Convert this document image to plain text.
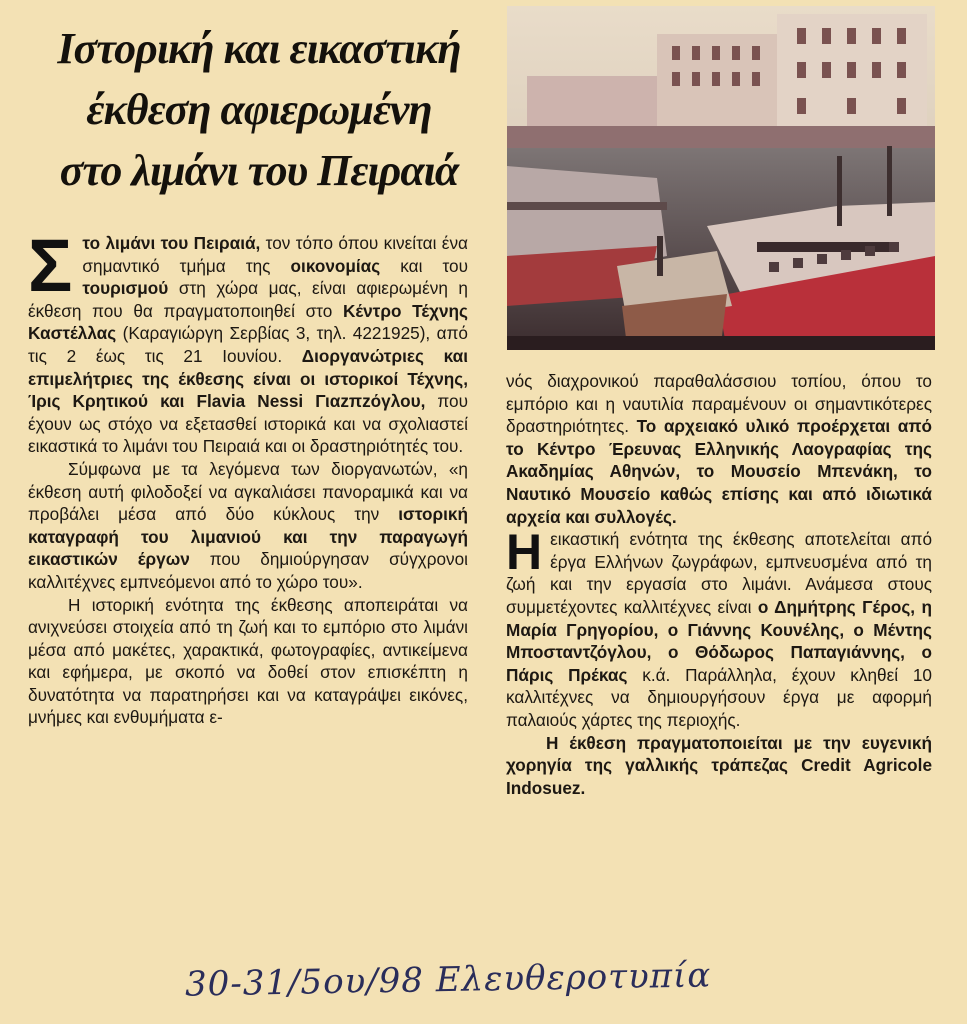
Ιστορική και εικαστική
έκθεση αφιερωμένη
στο λιμάνι του Πειραιά

Στο λιμάνι του Πειραιά, τον τόπο όπου κινείται ένα σημαντικό τμήμα της οικονομίας και του τουρισμού στη χώρα μας, είναι αφιερωμένη η έκθεση που θα πραγματοποιηθεί στο Κέντρο Τέχνης Καστέλλας (Καραγιώργη Σερβίας 3, τηλ. 4221925), από τις 2 έως τις 21 Ιουνίου. Διοργανώτριες και επιμελήτριες της έκθεσης είναι οι ιστορικοί Τέχνης, Ίρις Κρητικού και Flavia Nessi Γιαzπzόγλου, που έχουν ως στόχο να εξετασθεί ιστορικά και να σχολιαστεί εικαστικά το λιμάνι του Πειραιά και οι δραστηριότητές του.

Σύμφωνα με τα λεγόμενα των διοργανωτών, «η έκθεση αυτή φιλοδοξεί να αγκαλιάσει πανοραμικά και να προβάλει μέσα από δύο κύκλους την ιστορική καταγραφή του λιμανιού και την παραγωγή εικαστικών έργων που δημιούργησαν σύγχρονοι καλλιτέχνες εμπνεόμενοι από το χώρο του».

Η ιστορική ενότητα της έκθεσης αποπειράται να ανιχνεύσει στοιχεία από τη ζωή και το εμπόριο στο λιμάνι μέσα από μακέτες, χαρακτικά, φωτογραφίες, αντικείμενα και εφήμερα, με σκοπό να δοθεί στον επισκέπτη η δυνατότητα να παρατηρήσει και να καταγράψει εικόνες, μνήμες και ενθυμήματα ε-

νός διαχρονικού παραθαλάσσιου τοπίου, όπου το εμπόριο και η ναυτιλία παραμένουν οι σημαντικότερες δραστηριότητες. Το αρχειακό υλικό προέρχεται από το Κέντρο Έρευνας Ελληνικής Λαογραφίας της Ακαδημίας Αθηνών, το Μουσείο Μπενάκη, το Ναυτικό Μουσείο καθώς επίσης και από ιδιωτικά αρχεία και συλλογές.

Η εικαστική ενότητα της έκθεσης αποτελείται από έργα Ελλήνων ζωγράφων, εμπνευσμένα από τη ζωή και την εργασία στο λιμάνι. Ανάμεσα στους συμμετέχοντες καλλιτέχνες είναι ο Δημήτρης Γέρος, η Μαρία Γρηγορίου, ο Γιάννης Κουνέλης, ο Μέντης Μποσταντζόγλου, ο Θόδωρος Παπαγιάννης, ο Πάρις Πρέκας κ.ά. Παράλληλα, έχουν κληθεί 10 καλλιτέχνες να δημιουργήσουν έργα με αφορμή παλαιούς χάρτες της περιοχής.

Η έκθεση πραγματοποιείται με την ευγενική χορηγία της γαλλικής τράπεζας Credit Agricole Indosuez.

30-31/5ου/98 Ελευθεροτυπία
